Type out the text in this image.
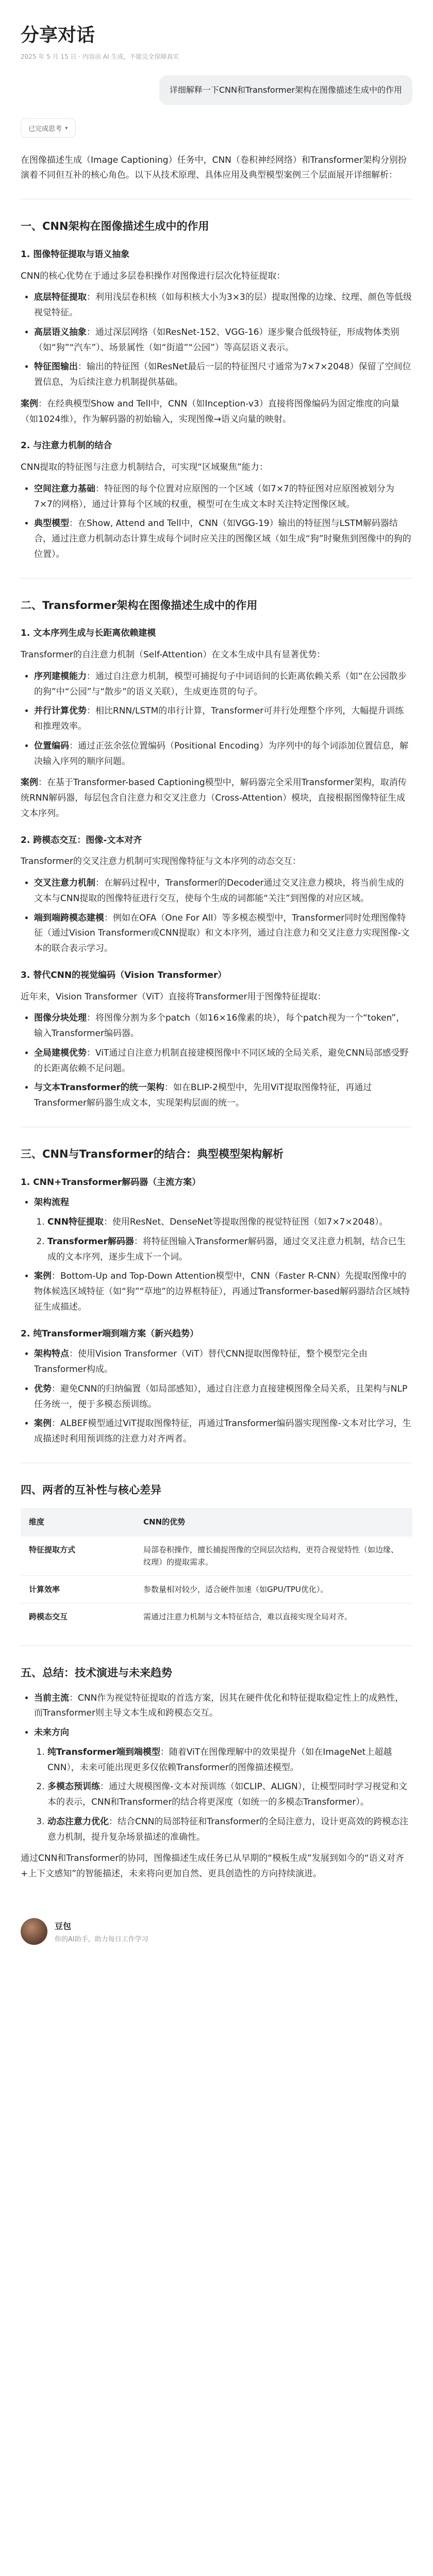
分享对话
2025 年 5 月 15 日 · 内容由 AI 生成，不能完全保障真实
详细解释一下CNN和Transformer架构在图像描述生成中的作用
已完成思考 ▾

在图像描述生成（Image Captioning）任务中，CNN（卷积神经网络）和Transformer架构分别扮演着不同但互补的核心角色。以下从技术原理、具体应用及典型模型案例三个层面展开详细解析：

一、CNN架构在图像描述生成中的作用
1. 图像特征提取与语义抽象

CNN的核心优势在于通过多层卷积操作对图像进行层次化特征提取：

• 底层特征提取：利用浅层卷积核（如每积核大小为3×3的层）提取图像的边缘、纹理、颜色等低级视觉特征。
• 高层语义抽象：通过深层网络（如ResNet-152、VGG-16）逐步聚合低级特征，形成物体类别（如“狗”“汽车”）、场景属性（如“街道”“公园”）等高层语义表示。
• 特征图输出：输出的特征图（如ResNet最后一层的特征图尺寸通常为7×7×2048）保留了空间位置信息，为后续注意力机制提供基础。

案例：在经典模型Show and Tell中，CNN（如Inception-v3）直接将图像编码为固定维度的向量（如1024维），作为解码器的初始输入，实现图像→语义向量的映射。

2. 与注意力机制的结合

CNN提取的特征图与注意力机制结合，可实现“区域聚焦”能力：

• 空间注意力基础：特征图的每个位置对应原图的一个区域（如7×7的特征图对应原图被划分为7×7的网格），通过计算每个区域的权重，模型可在生成文本时关注特定图像区域。
• 典型模型：在Show, Attend and Tell中，CNN（如VGG-19）输出的特征图与LSTM解码器结合，通过注意力机制动态计算生成每个词时应关注的图像区域（如生成“狗”时聚焦到图像中的狗的位置）。
二、Transformer架构在图像描述生成中的作用
1. 文本序列生成与长距离依赖建模

Transformer的自注意力机制（Self-Attention）在文本生成中具有显著优势：

• 序列建模能力：通过自注意力机制，模型可捕捉句子中词语间的长距离依赖关系（如“在公园散步的狗”中“公园”与“散步”的语义关联），生成更连贯的句子。
• 并行计算优势：相比RNN/LSTM的串行计算，Transformer可并行处理整个序列，大幅提升训练和推理效率。
• 位置编码：通过正弦余弦位置编码（Positional Encoding）为序列中的每个词添加位置信息，解决输入序列的顺序问题。

案例：在基于Transformer-based Captioning模型中，解码器完全采用Transformer架构，取消传统RNN解码器，每层包含自注意力和交叉注意力（Cross-Attention）模块，直接根据图像特征生成文本序列。

2. 跨模态交互：图像-文本对齐

Transformer的交叉注意力机制可实现图像特征与文本序列的动态交互：

• 交叉注意力机制：在解码过程中，Transformer的Decoder通过交叉注意力模块，将当前生成的文本与CNN提取的图像特征进行交互，使每个生成的词都能“关注”到图像的对应区域。
• 端到端跨模态建模：例如在OFA（One For All）等多模态模型中，Transformer同时处理图像特征（通过Vision Transformer或CNN提取）和文本序列，通过自注意力和交叉注意力实现图像-文本的联合表示学习。
3. 替代CNN的视觉编码（Vision Transformer）

近年来，Vision Transformer（ViT）直接将Transformer用于图像特征提取：

• 图像分块处理：将图像分割为多个patch（如16×16像素的块），每个patch视为一个“token”，输入Transformer编码器。
• 全局建模优势：ViT通过自注意力机制直接建模图像中不同区域的全局关系，避免CNN局部感受野的长距离依赖不足问题。
• 与文本Transformer的统一架构：如在BLIP-2模型中，先用ViT提取图像特征，再通过Transformer解码器生成文本，实现架构层面的统一。
三、CNN与Transformer的结合：典型模型架构解析
1. CNN+Transformer解码器（主流方案）
• 架构流程
1. CNN特征提取：使用ResNet、DenseNet等提取图像的视觉特征图（如7×7×2048）。
2. Transformer解码器：将特征图输入Transformer解码器，通过交叉注意力机制，结合已生成的文本序列，逐步生成下一个词。
• 案例：Bottom-Up and Top-Down Attention模型中，CNN（Faster R-CNN）先提取图像中的物体候选区域特征（如“狗”“草地”的边界框特征），再通过Transformer-based解码器结合区域特征生成描述。
2. 纯Transformer端到端方案（新兴趋势）
• 架构特点：使用Vision Transformer（ViT）替代CNN提取图像特征，整个模型完全由Transformer构成。
• 优势：避免CNN的归纳偏置（如局部感知），通过自注意力直接建模图像全局关系，且架构与NLP任务统一，便于多模态预训练。
• 案例：ALBEF模型通过ViT提取图像特征，再通过Transformer编码器实现图像-文本对比学习，生成描述时利用预训练的注意力对齐两者。
四、两者的互补性与核心差异
维度	CNN的优势
特征提取方式	局部卷积操作，擅长捕捉图像的空间层次结构，更符合视觉特性（如边缘、纹理）的提取需求。
计算效率	参数量相对较少，适合硬件加速（如GPU/TPU优化）。
跨模态交互	需通过注意力机制与文本特征结合，难以直接实现全局对齐。
五、总结：技术演进与未来趋势
• 当前主流：CNN作为视觉特征提取的首选方案，因其在硬件优化和特征提取稳定性上的成熟性，而Transformer则主导文本生成和跨模态交互。
• 未来方向
1. 纯Transformer端到端模型：随着ViT在图像理解中的效果提升（如在ImageNet上超越CNN），未来可能出现更多仅依赖Transformer的图像描述模型。
2. 多模态预训练：通过大规模图像-文本对预训练（如CLIP、ALIGN），让模型同时学习视觉和文本的表示，CNN和Transformer的结合将更深度（如统一的多模态Transformer）。
3. 动态注意力优化：结合CNN的局部特征和Transformer的全局注意力，设计更高效的跨模态注意力机制，提升复杂场景描述的准确性。

通过CNN和Transformer的协同，图像描述生成任务已从早期的“模板生成”发展到如今的“语义对齐+上下文感知”的智能描述，未来将向更加自然、更具创造性的方向持续演进。

豆包
你的AI助手，助力每日工作学习
